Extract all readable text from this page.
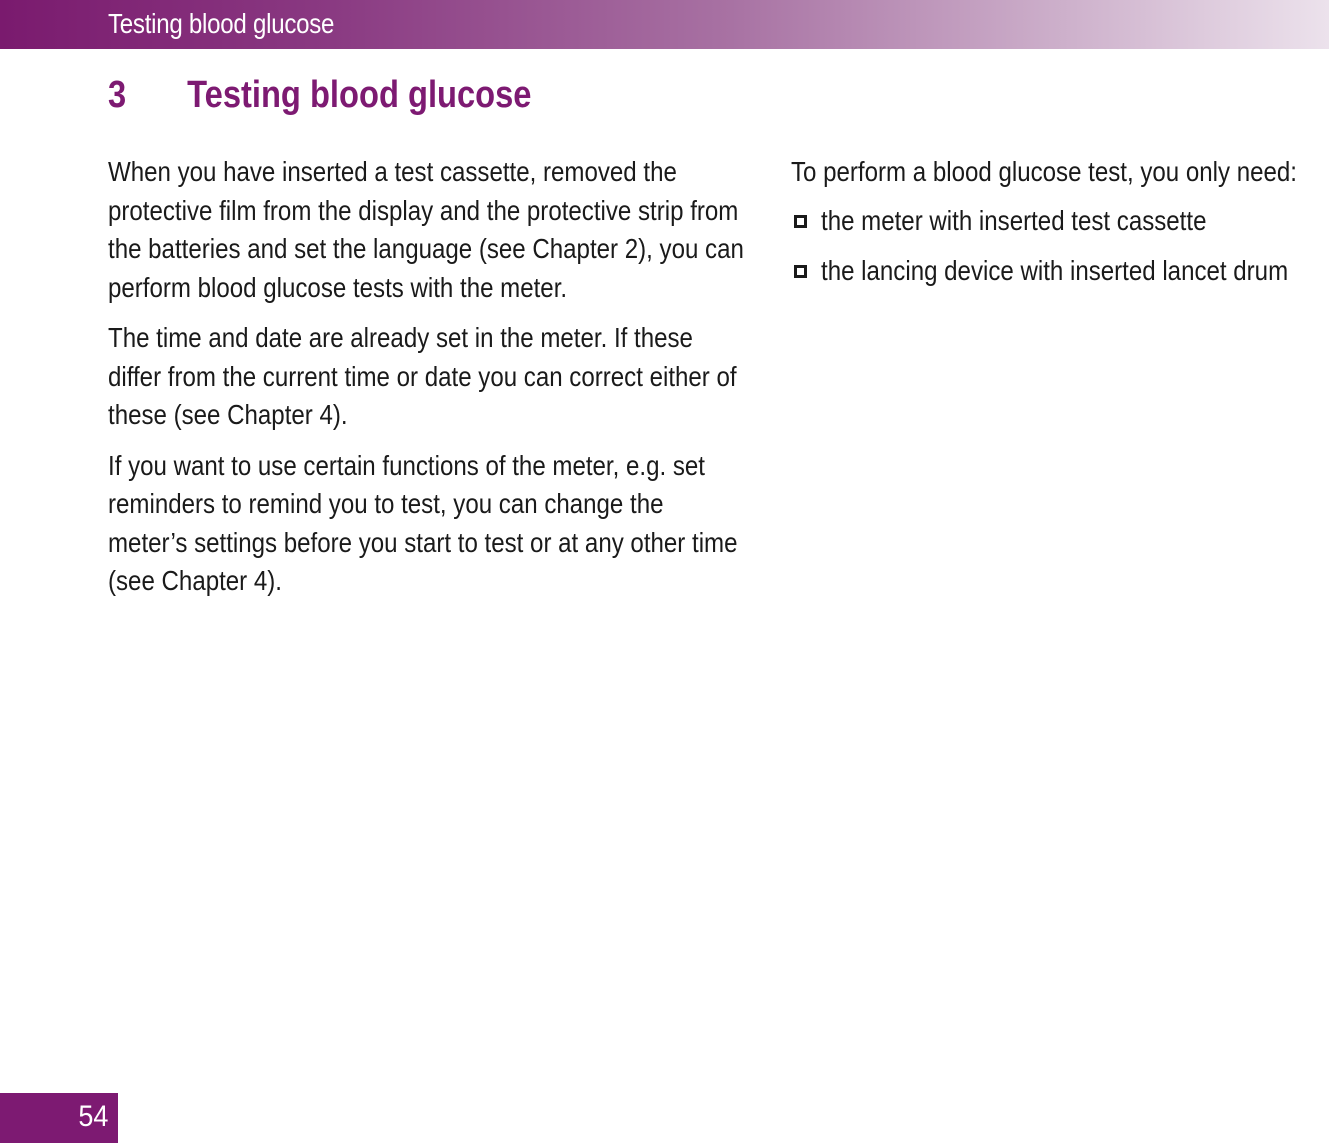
Testing blood glucose
3 Testing blood glucose

When you have inserted a test cassette, removed the protective film from the display and the protective strip from the batteries and set the language (see Chapter 2), you can perform blood glucose tests with the meter.

The time and date are already set in the meter. If these differ from the current time or date you can correct either of these (see Chapter 4).

If you want to use certain functions of the meter, e.g. set reminders to remind you to test, you can change the meter’s settings before you start to test or at any other time (see Chapter 4).

To perform a blood glucose test, you only need:

the meter with inserted test cassette
the lancing device with inserted lancet drum
54
